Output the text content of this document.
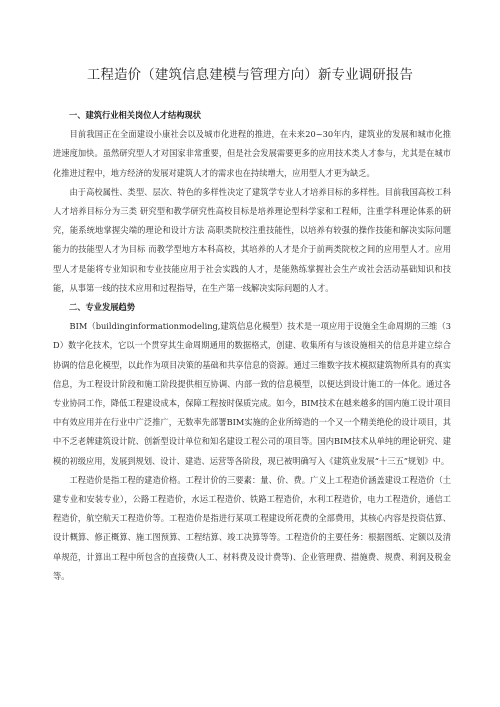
工程造价（建筑信息建模与管理方向）新专业调研报告

一、建筑行业相关岗位人才结构现状

目前我国正在全面建设小康社会以及城市化进程的推进，在未来20~30年内，建筑业的发展和城市化推进速度加快。虽然研究型人才对国家非常重要，但是社会发展需要更多的应用技术类人才参与，尤其是在城市化推进过程中，地方经济的发展对建筑人才的需求也在持续增大，应用型人才更为缺乏。

由于高校属性、类型、层次、特色的多样性决定了建筑学专业人才培养目标的多样性。目前我国高校工科人才培养目标分为三类 研究型和教学研究性高校目标是培养理论型科学家和工程师，注重学科理论体系的研究，能系统地掌握尖端的理论和设计方法 高职类院校注重技能性，以培养有较强的操作技能和解决实际问题能力的技能型人才为目标 而教学型地方本科高校，其培养的人才是介于前两类院校之间的应用型人才。应用型人才是能将专业知识和专业技能应用于社会实践的人才，是能熟练掌握社会生产或社会活动基础知识和技能，从事第一线的技术应用和过程指导，在生产第一线解决实际问题的人才。

二、专业发展趋势

BIM（buildinginformationmodeling,建筑信息化模型）技术是一项应用于设施全生命周期的三维（3D）数字化技术，它以一个贯穿其生命周期通用的数据格式，创建、收集所有与该设施相关的信息并建立综合协调的信息化模型，以此作为项目决策的基础和共享信息的资源。通过三维数字技术模拟建筑物所具有的真实信息，为工程设计阶段和施工阶段提供相互协调、内部一致的信息模型，以便达到设计施工的一体化。通过各专业协同工作，降低工程建设成本，保障工程按时保质完成。如今，BIM技术在越来越多的国内施工设计项目中有效应用并在行业中广泛推广，无数率先部署BIM实施的企业所缔造的一个又一个精美绝伦的设计项目，其中不乏老牌建筑设计院、创新型设计单位和知名建设工程公司的项目等。国内BIM技术从单纯的理论研究、建模的初级应用，发展到规划、设计、建造、运营等各阶段，现已被明确写入《建筑业发展“十三五”规划》中。

工程造价是指工程的建造价格。工程计价的三要素：量、价、费。广义上工程造价涵盖建设工程造价（土建专业和安装专业），公路工程造价，水运工程造价、铁路工程造价，水利工程造价，电力工程造价，通信工程造价，航空航天工程造价等。工程造价是指进行某项工程建设所花费的全部费用，其核心内容是投资估算、设计概算、修正概算、施工图预算、工程结算、竣工决算等等。工程造价的主要任务：根据图纸、定额以及清单规范，计算出工程中所包含的直接费(人工、材料费及设计费等)、企业管理费、措施费、规费、利润及税金等。
